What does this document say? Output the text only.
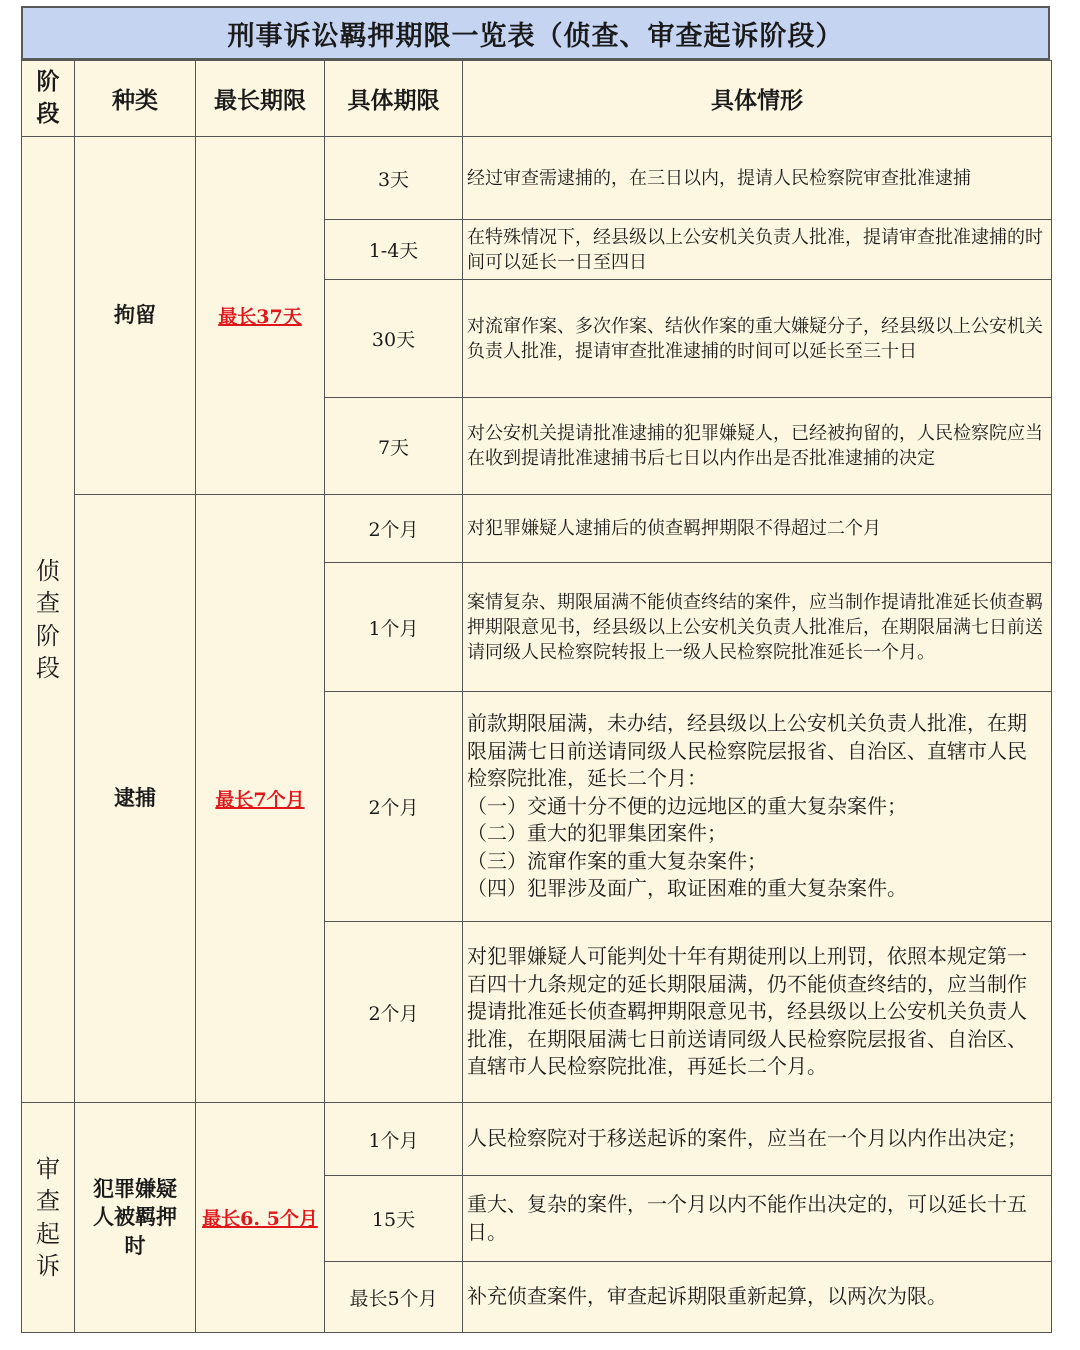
刑事诉讼羁押期限一览表（侦查、审查起诉阶段）
阶
段	种类	最长期限	具体期限	具体情形

侦
查
阶
段	拘留	最长37天	3天	经过审查需逮捕的，在三日以内，提请人民检察院审查批准逮捕
			1-4天	在特殊情况下，经县级以上公安机关负责人批准，提请审查批准逮捕的时间可以延长一日至四日
			30天	对流窜作案、多次作案、结伙作案的重大嫌疑分子，经县级以上公安机关负责人批准，提请审查批准逮捕的时间可以延长至三十日
			7天	对公安机关提请批准逮捕的犯罪嫌疑人，已经被拘留的，人民检察院应当在收到提请批准逮捕书后七日以内作出是否批准逮捕的决定
	逮捕	最长7个月	2个月	对犯罪嫌疑人逮捕后的侦查羁押期限不得超过二个月
			1个月	案情复杂、期限届满不能侦查终结的案件，应当制作提请批准延长侦查羁押期限意见书，经县级以上公安机关负责人批准后，在期限届满七日前送请同级人民检察院转报上一级人民检察院批准延长一个月。
			2个月	前款期限届满，未办结，经县级以上公安机关负责人批准，在期限届满七日前送请同级人民检察院层报省、自治区、直辖市人民检察院批准，延长二个月：
（一）交通十分不便的边远地区的重大复杂案件；
（二）重大的犯罪集团案件；
（三）流窜作案的重大复杂案件；
（四）犯罪涉及面广，取证困难的重大复杂案件。

			2个月	对犯罪嫌疑人可能判处十年有期徒刑以上刑罚，依照本规定第一百四十九条规定的延长期限届满，仍不能侦查终结的，应当制作提请批准延长侦查羁押期限意见书，经县级以上公安机关负责人批准，在期限届满七日前送请同级人民检察院层报省、自治区、直辖市人民检察院批准，再延长二个月。

审
查
起
诉	犯罪嫌疑
人被羁押
时	最长6. 5个月	1个月	人民检察院对于移送起诉的案件，应当在一个月以内作出决定；
			15天	重大、复杂的案件，一个月以内不能作出决定的，可以延长十五日。
			最长5个月	补充侦查案件，审查起诉期限重新起算，以两次为限。
